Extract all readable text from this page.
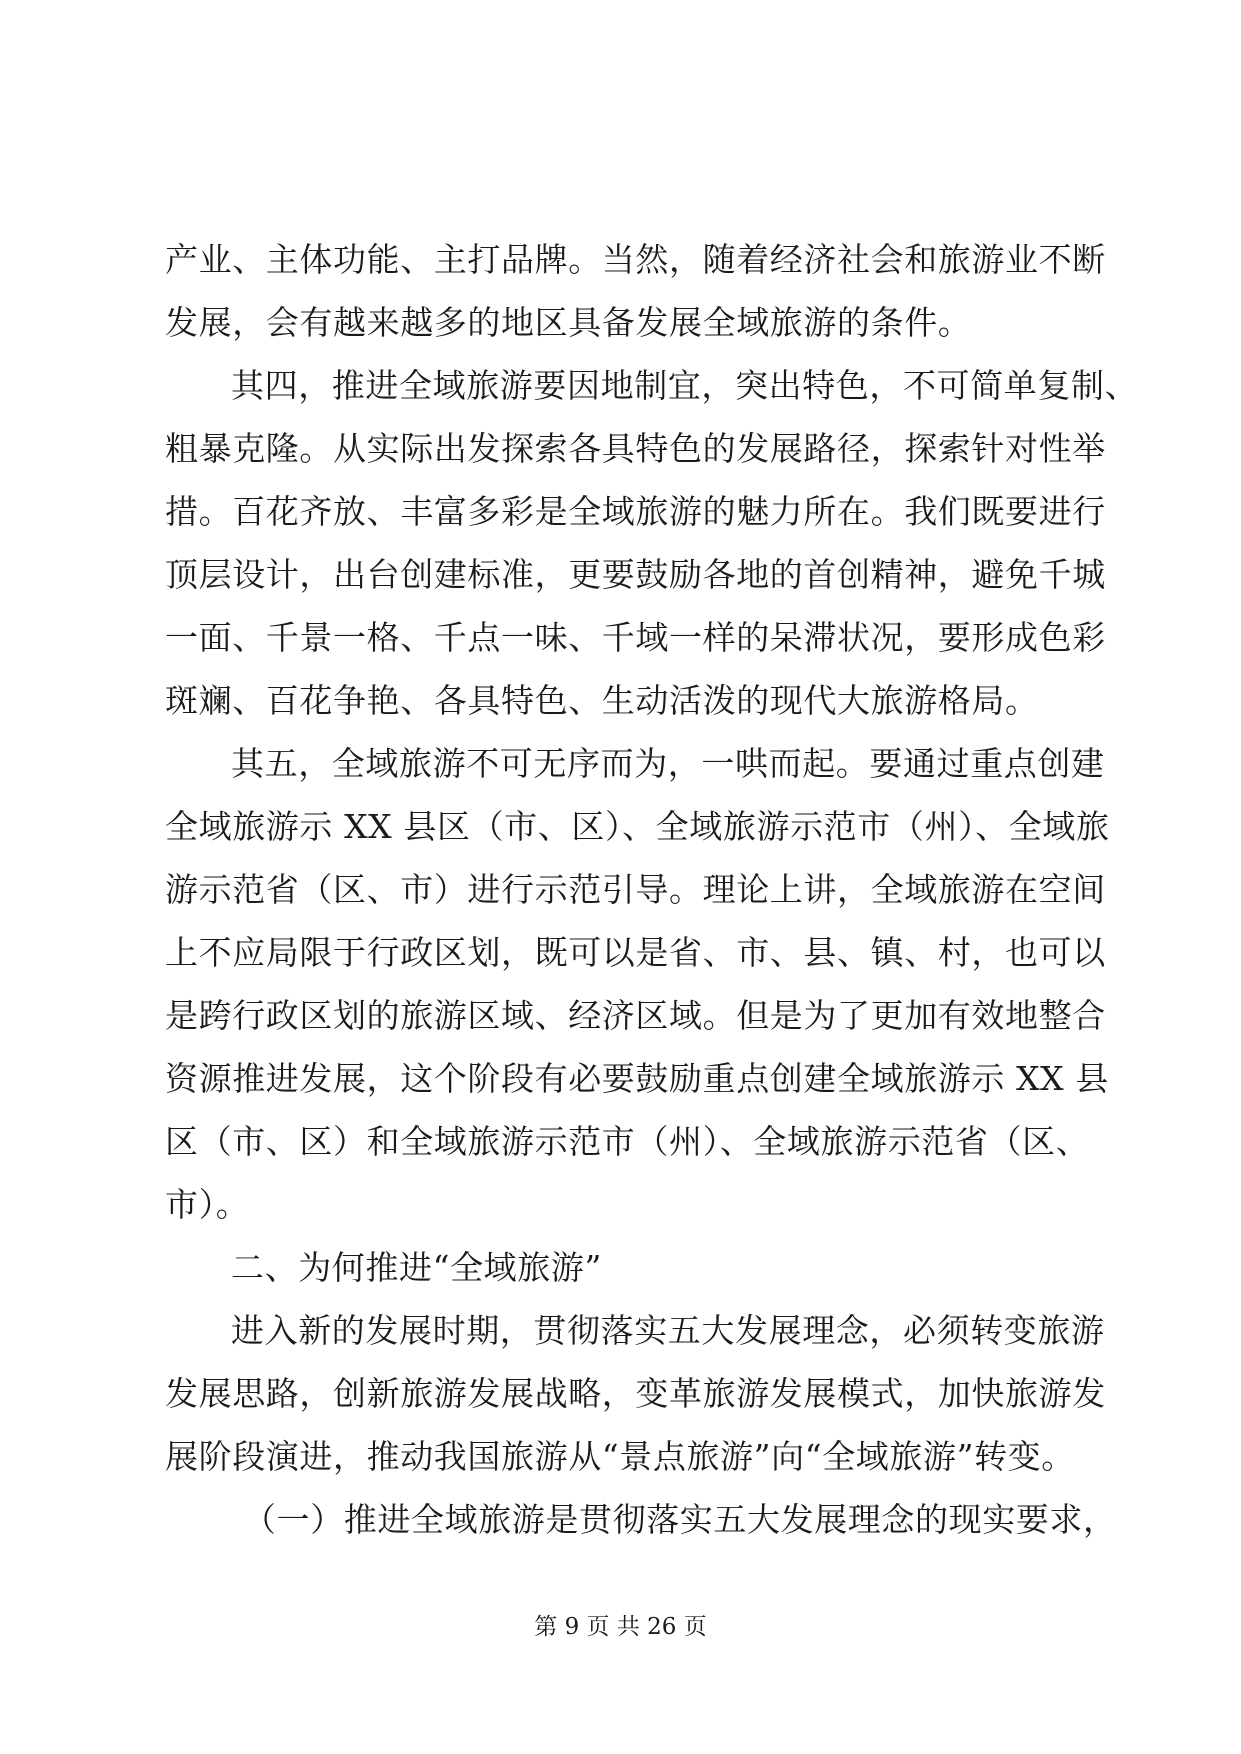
产业、主体功能、主打品牌。当然，随着经济社会和旅游业不断
发展，会有越来越多的地区具备发展全域旅游的条件。
其四，推进全域旅游要因地制宜，突出特色，不可简单复制、
粗暴克隆。从实际出发探索各具特色的发展路径，探索针对性举
措。百花齐放、丰富多彩是全域旅游的魅力所在。我们既要进行
顶层设计，出台创建标准，更要鼓励各地的首创精神，避免千城
一面、千景一格、千点一味、千域一样的呆滞状况，要形成色彩
斑斓、百花争艳、各具特色、生动活泼的现代大旅游格局。
其五，全域旅游不可无序而为，一哄而起。要通过重点创建
全域旅游示 XX 县区（市、区）、全域旅游示范市（州）、全域旅
游示范省（区、市）进行示范引导。理论上讲，全域旅游在空间
上不应局限于行政区划，既可以是省、市、县、镇、村，也可以
是跨行政区划的旅游区域、经济区域。但是为了更加有效地整合
资源推进发展，这个阶段有必要鼓励重点创建全域旅游示 XX 县
区（市、区）和全域旅游示范市（州）、全域旅游示范省（区、
市）。
二、为何推进“全域旅游”
进入新的发展时期，贯彻落实五大发展理念，必须转变旅游
发展思路，创新旅游发展战略，变革旅游发展模式，加快旅游发
展阶段演进，推动我国旅游从“景点旅游”向“全域旅游”转变。
（一）推进全域旅游是贯彻落实五大发展理念的现实要求，
第 9 页 共 26 页
